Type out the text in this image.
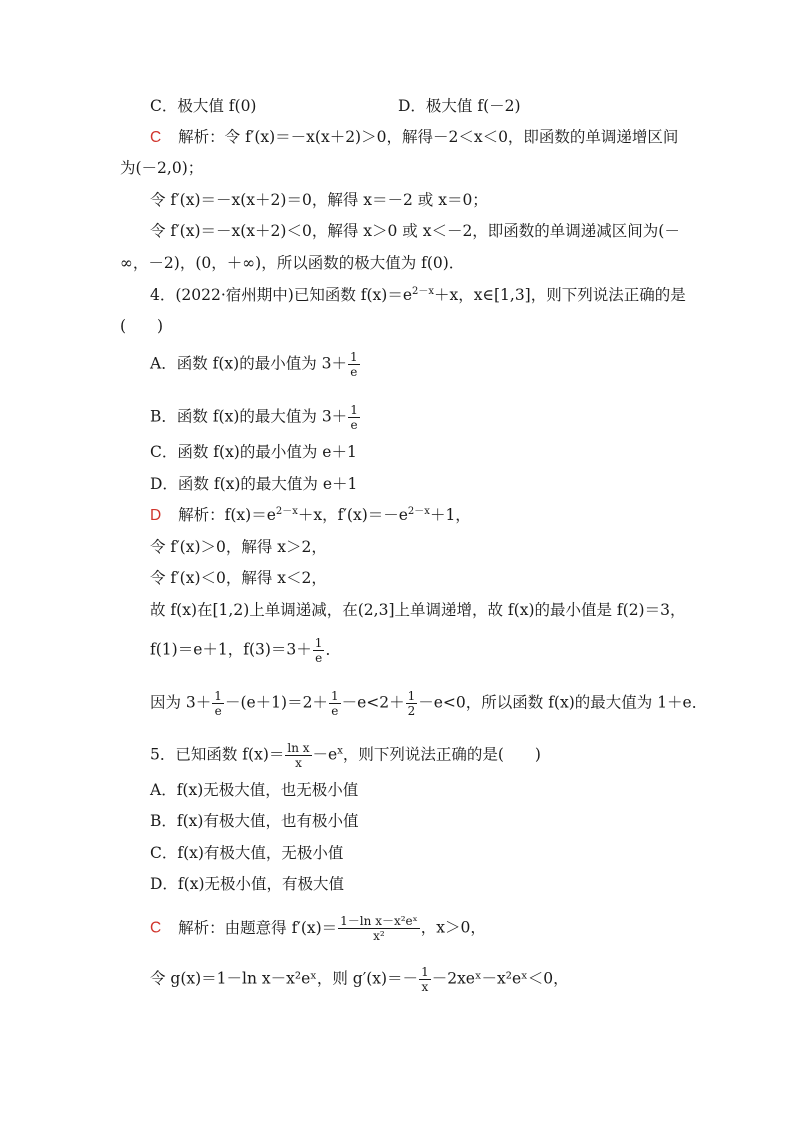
C．极大值 f(0)	D．极大值 f(－2)
C 解析：令 f′(x)＝－x(x＋2)＞0，解得－2＜x＜0，即函数的单调递增区间
为(－2,0)；
令 f′(x)＝－x(x＋2)＝0，解得 x＝－2 或 x＝0；
令 f′(x)＝－x(x＋2)＜0，解得 x＞0 或 x＜－2，即函数的单调递减区间为(－
∞，－2)，(0，＋∞)，所以函数的极大值为 f(0)．
4．(2022·宿州期中)已知函数 $f(x)=e^{2-x}+x$，x∈[1,3]，则下列说法正确的是
(　　)
A．函数 f(x)的最小值为 $3+ \frac{1}{e}$
B．函数 f(x)的最大值为 $3+ \frac{1}{e}$
C．函数 f(x)的最小值为 e＋1
D．函数 f(x)的最大值为 e＋1
D 解析：$f(x)=e^{2-x}+x$，$f'(x)=-e^{2-x}+1$，
令 f′(x)＞0，解得 x＞2，
令 f′(x)＜0，解得 x＜2，
故 f(x)在[1,2)上单调递减，在(2,3]上单调递增，故 f(x)的最小值是 f(2)＝3，
f(1)＝e＋1，$f(3)=3+ \frac{1}{e}$ ．
因为 $3+ \frac{1}{e} -(e+1)=2+ \frac{1}{e} -e<2+ \frac{1}{2} -e<0$，所以函数 f(x)的最大值为 1＋e．
5．已知函数 $f(x)= \frac{\text{ln x}}{x} -e^x$，则下列说法正确的是(　　)
A．f(x)无极大值，也无极小值
B．f(x)有极大值，也有极小值
C．f(x)有极大值，无极小值
D．f(x)无极小值，有极大值
C 解析：由题意得 $f'(x)= \frac{\text{1－ln x－x²eˣ}}{\text{x²}}$ ，x＞0，
令 g(x)＝1－ln x－x²eˣ，则 $g'(x)=- \frac{1}{x}$ －2xeˣ－x²eˣ＜0，
